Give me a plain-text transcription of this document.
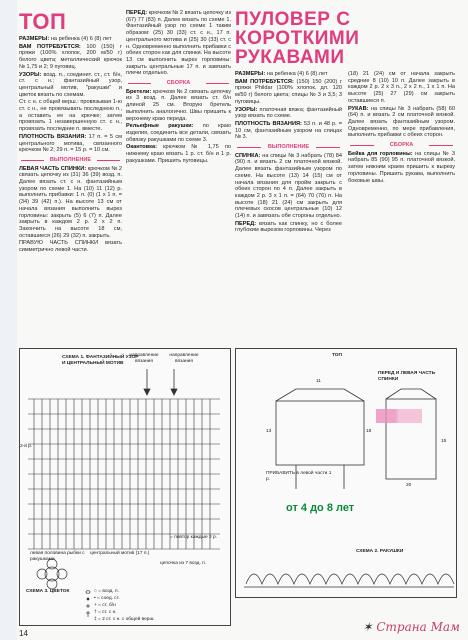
ТОП
РАЗМЕРЫ: на ребенка (4) 6 (8) лет
ВАМ ПОТРЕБУЕТСЯ: 100 (150) г пряжи (100% хлопок, 200 м/50 г) белого цвета; металлический крючок № 1,75 и 2; 9 пуговиц.
УЗОРЫ: возд. п., соединит. ст., ст. б/н, ст. с н.; фантазийный узор, центральный мотив, "ракушки" и цветок вязать по схемам.
Ст. с н. с общей верш.: провязывая 1-ю ст. с н., не провязывать последнюю п., а оставить ее на крючке; затем провязать 1 незавершенную ст. с н., провязать последние п. вместе.
ПЛОТНОСТЬ ВЯЗАНИЯ: 17 п. = 5 см центрального мотива, связанного крючком № 2; 29 п. = 15 р. = 10 см.
ВЫПОЛНЕНИЕ
ЛЕВАЯ ЧАСТЬ СПИНКИ: крючком № 2 связать цепочку из (31) 36 (39) возд. п. Далее вязать ст. с н. фантазийным узором по схеме 1. На (10) 11 (12) р. выполнить прибавки: 1 п. (0) (1 x 1 п. = (34) 39 (42) п.). На высоте 13 см от начала вязания выполнить вырез горловины: закрыть (5) 6 (7) п. Далее закрыть в каждом 2 р. 2 x 2 п. Закончить на высоте 18 см, оставшиеся (26) 29 (32) п. закрыть.
ПРАВУЮ ЧАСТЬ СПИНКИ вязать симметрично левой части.
ПЕРЕД: крючком № 2 вязать цепочку из (67) 77 (83) п. Далее вязать по схеме 1. Фантазийный узор по схеме 1 таким образом: (25) 30 (33) ст. с н., 17 п. центрального мотива и (25) 30 (33) ст. с н. Одновременно выполнить прибавки с обеих сторон как для спинки. На высоте 13 см выполнить вырез горловины: закрыть центральные 17 п. и завязать плечи отдельно.
СБОРКА
Бретели: крючком № 2 связать цепочку из 3 возд. п. Далее вязать ст. б/н длиной 25 см. Вторую бретель выполнить аналогично. Швы пришить к верхнему краю переда.
Рельефные ракушки: по краю изделия, соединить все детали, связать обвязку ракушками по схеме 3.
Окантовка: крючком № 1,75 по нижнему краю вязать 1 р. ст. б/н и 1 р. ракушками. Пришить пуговицы.
ПУЛОВЕР С КОРОТКИМИ РУКАВАМИ
РАЗМЕРЫ: на ребенка (4) 6 (8) лет
ВАМ ПОТРЕБУЕТСЯ: (150) 150 (200) г пряжи Phildar (100% хлопок, дл. 120 м/50 г) белого цвета; спицы № 3 и 3,5; 3 пуговицы.
УЗОРЫ: платочная вязка; фантазийный узор вязать по схеме.
ПЛОТНОСТЬ ВЯЗАНИЯ: 53 п. и 48 р. = 10 см, фантазийным узором на спицах № 3.
ВЫПОЛНЕНИЕ
СПИНКА: на спицы № 3 набрать (78) 84 (90) п. и вязать 2 см платочной вязкой. Далее вязать фантазийным узором по схеме. На высоте (13) 14 (15) см от начала вязания для пройм закрыть с обеих сторон по 4 п. Далее закрыть в каждом 2 р. 3 x 1 п. = (64) 70 (76) п. На высоте (18) 21 (24) см закрыть для плечевых скосов центральные (10) 12 (14) п. и завязать обе стороны отдельно.
ПЕРЕД: вязать как спинку, но с более глубоким вырезом горловины. Через
(18) 21 (24) см от начала закрыть средние 8 (10) 10 п. Далее закрыть в каждом 2 р. 2 x 3 п., 2 x 2 п., 1 x 1 п. На высоте (25) 27 (29) см закрыть оставшиеся п.
РУКАВ: на спицы № 3 набрать (58) 60 (64) п. и вязать 2 см платочной вязкой. Далее вязать фантазийным узором. Одновременно, по мере прибавления, выполнить прибавки с обеих сторон.
СБОРКА
Бейка для горловины: на спицы № 3 набрать 85 (90) 95 п. платочной вязкой, затем нижним краем пришить к вырезу горловины. Пришить рукава, выполнить боковые швы.
СХЕМА 1. ФАНТАЗИЙНЫЙ УЗОР
И ЦЕНТРАЛЬНЫЙ МОТИВ
направление вязания
направление вязания
= повтор каждые 2 р.
2-й р.
центральный мотив (17 п.)
цепочка из 7 возд. п.
левая половина рыбки с ракушками
СХЕМА 3. ЦВЕТОК	○ = возд. п.
• = соед. ст.
+ = ст. б/н
† = ст. с н.
‡ = 2 ст. с н. с общей верш.
ТОП
ПЕРЕД И ЛЕВАЯ ЧАСТЬ СПИНКИ
ПРИБАВИТЬ в левой части 1 р.
СХЕМА 2. РАКУШКИ
13	18
15
11
20
от 4 до 8 лет
14	✶ Страна Мам
